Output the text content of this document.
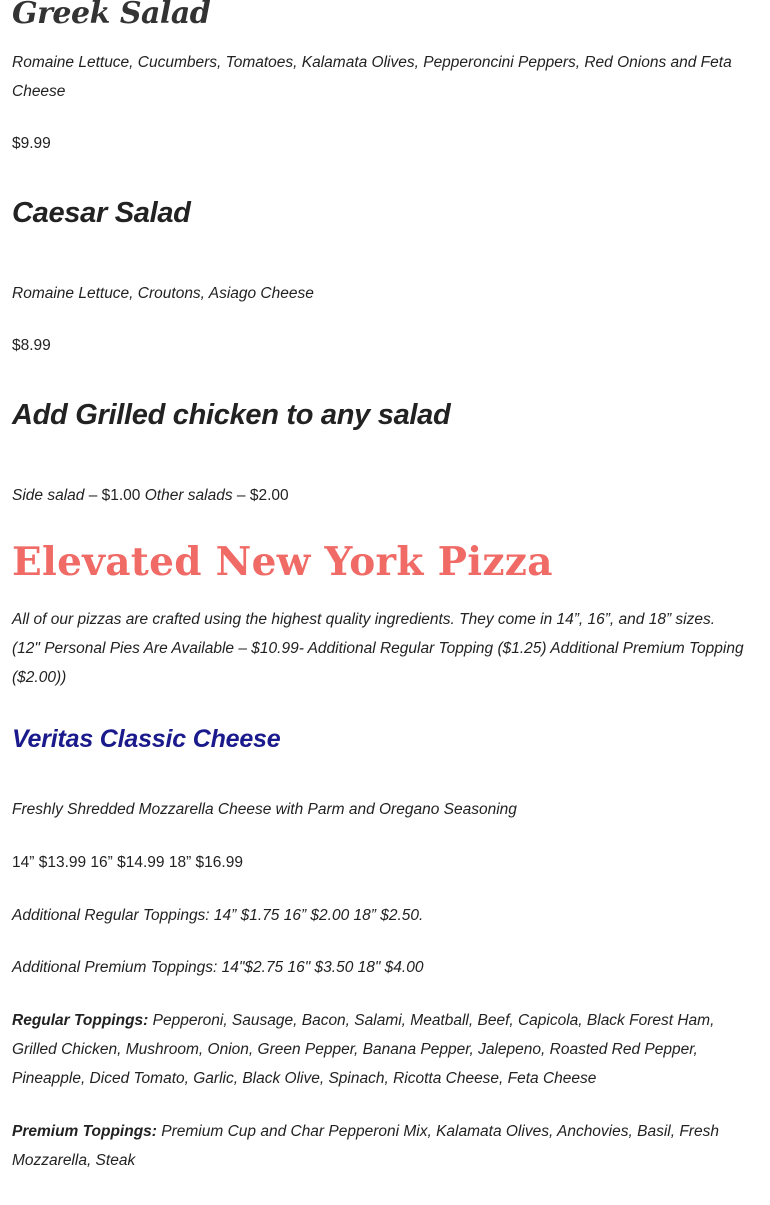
Greek Salad

Romaine Lettuce, Cucumbers, Tomatoes, Kalamata Olives, Pepperoncini Peppers, Red Onions and Feta Cheese

$9.99

Caesar Salad

Romaine Lettuce, Croutons, Asiago Cheese

$8.99

Add Grilled chicken to any salad

Side salad – $1.00 Other salads – $2.00

Elevated New York Pizza

All of our pizzas are crafted using the highest quality ingredients. They come in 14”, 16”, and 18” sizes. (12" Personal Pies Are Available – $10.99- Additional Regular Topping ($1.25) Additional Premium Topping ($2.00))

Veritas Classic Cheese

Freshly Shredded Mozzarella Cheese with Parm and Oregano Seasoning

14” $13.99 16” $14.99 18” $16.99

Additional Regular Toppings: 14” $1.75 16” $2.00 18” $2.50.

Additional Premium Toppings: 14"$2.75 16" $3.50 18" $4.00

Regular Toppings: Pepperoni, Sausage, Bacon, Salami, Meatball, Beef, Capicola, Black Forest Ham, Grilled Chicken, Mushroom, Onion, Green Pepper, Banana Pepper, Jalepeno, Roasted Red Pepper, Pineapple, Diced Tomato, Garlic, Black Olive, Spinach, Ricotta Cheese, Feta Cheese

Premium Toppings: Premium Cup and Char Pepperoni Mix, Kalamata Olives, Anchovies, Basil, Fresh Mozzarella, Steak
